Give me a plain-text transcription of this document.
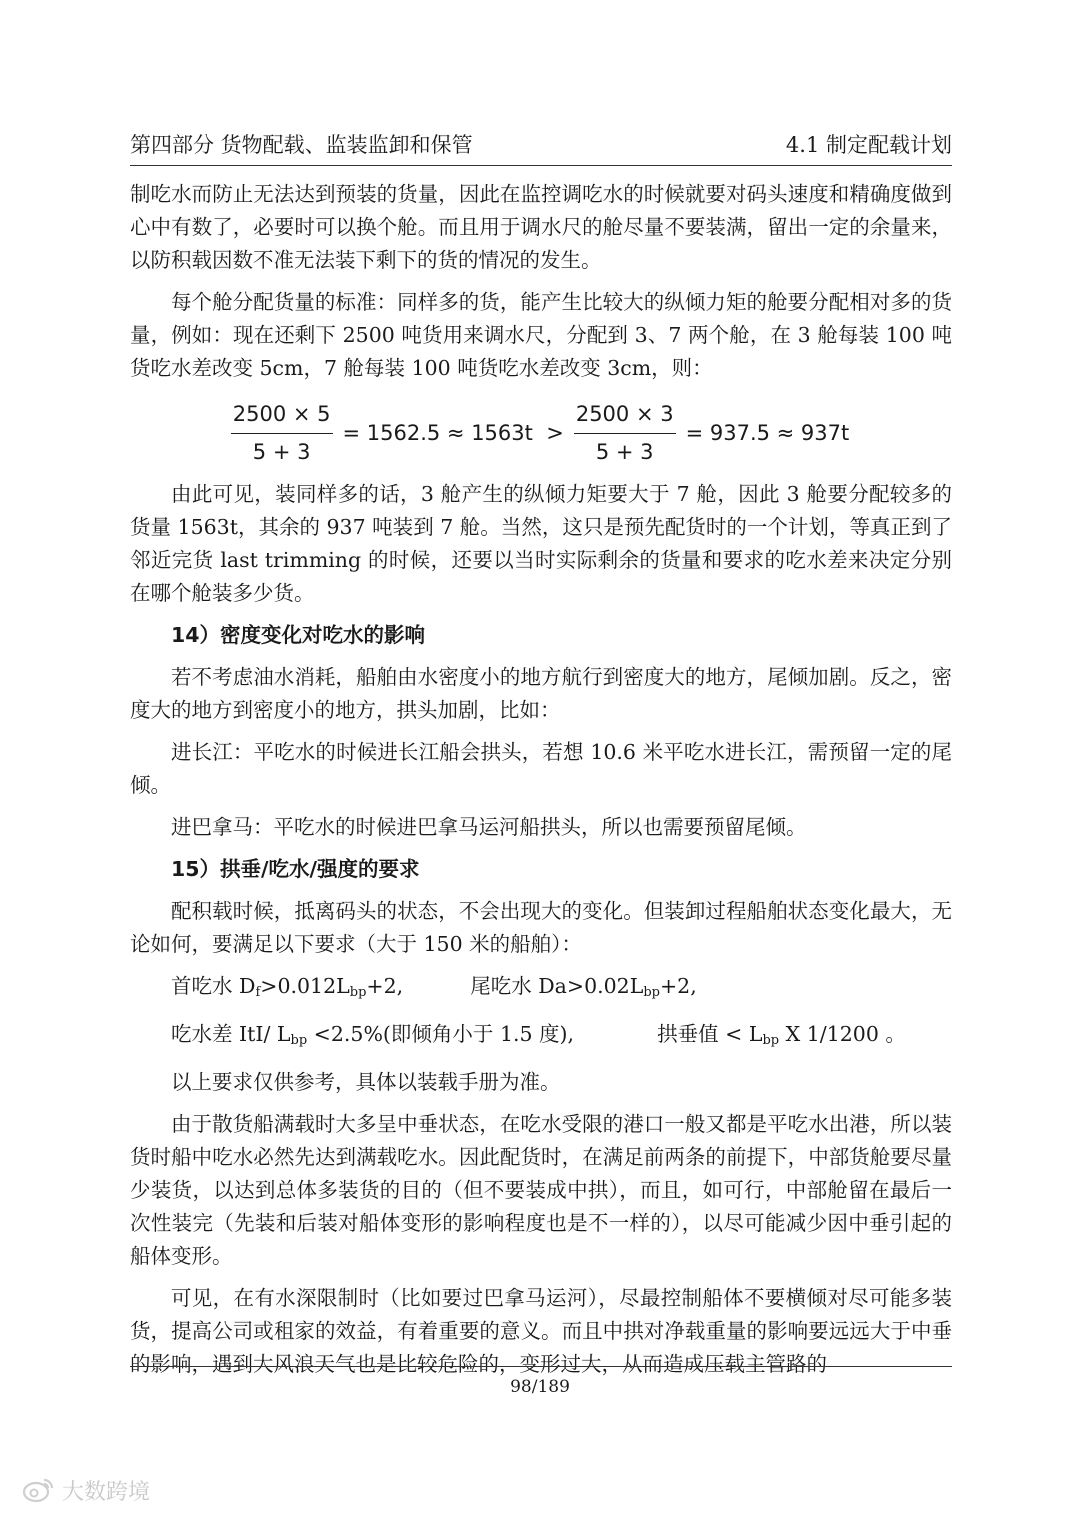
第四部分 货物配载、监装监卸和保管	4.1 制定配载计划

制吃水而防止无法达到预装的货量，因此在监控调吃水的时候就要对码头速度和精确度做到心中有数了，必要时可以换个舱。而且用于调水尺的舱尽量不要装满，留出一定的余量来，以防积载因数不准无法装下剩下的货的情况的发生。

每个舱分配货量的标准：同样多的货，能产生比较大的纵倾力矩的舱要分配相对多的货量，例如：现在还剩下 2500 吨货用来调水尺，分配到 3、7 两个舱，在 3 舱每装 100 吨货吃水差改变 5cm，7 舱每装 100 吨货吃水差改变 3cm，则：

$\frac{2500 \times 5}{5 + 3} = 1562.5 \approx 1563t > \frac{2500 \times 3}{5 + 3} = 937.5 \approx 937t$

由此可见，装同样多的话，3 舱产生的纵倾力矩要大于 7 舱，因此 3 舱要分配较多的货量 1563t，其余的 937 吨装到 7 舱。当然，这只是预先配货时的一个计划，等真正到了邻近完货 last trimming 的时候，还要以当时实际剩余的货量和要求的吃水差来决定分别在哪个舱装多少货。

14）密度变化对吃水的影响

若不考虑油水消耗，船舶由水密度小的地方航行到密度大的地方，尾倾加剧。反之，密度大的地方到密度小的地方，拱头加剧，比如：

进长江：平吃水的时候进长江船会拱头，若想 10.6 米平吃水进长江，需预留一定的尾倾。

进巴拿马：平吃水的时候进巴拿马运河船拱头，所以也需要预留尾倾。

15）拱垂/吃水/强度的要求

配积载时候，抵离码头的状态，不会出现大的变化。但装卸过程船舶状态变化最大，无论如何，要满足以下要求（大于 150 米的船舶）：

首吃水 $D_f>0.012L_{bp}+2$,	尾吃水 $Da>0.02L_{bp}+2$,
吃水差 ItI/ $L_{bp} <2.5\%$(即倾角小于 1.5 度),	拱垂值 < $L_{bp}$ X 1/1200 。

以上要求仅供参考，具体以装载手册为准。

由于散货船满载时大多呈中垂状态，在吃水受限的港口一般又都是平吃水出港，所以装货时船中吃水必然先达到满载吃水。因此配货时，在满足前两条的前提下，中部货舱要尽量少装货，以达到总体多装货的目的（但不要装成中拱），而且，如可行，中部舱留在最后一次性装完（先装和后装对船体变形的影响程度也是不一样的），以尽可能减少因中垂引起的船体变形。

可见，在有水深限制时（比如要过巴拿马运河），尽最控制船体不要横倾对尽可能多装货，提高公司或租家的效益，有着重要的意义。而且中拱对净载重量的影响要远远大于中垂的影响，遇到大风浪天气也是比较危险的，变形过大，从而造成压载主管路的

98/189
大数跨境
